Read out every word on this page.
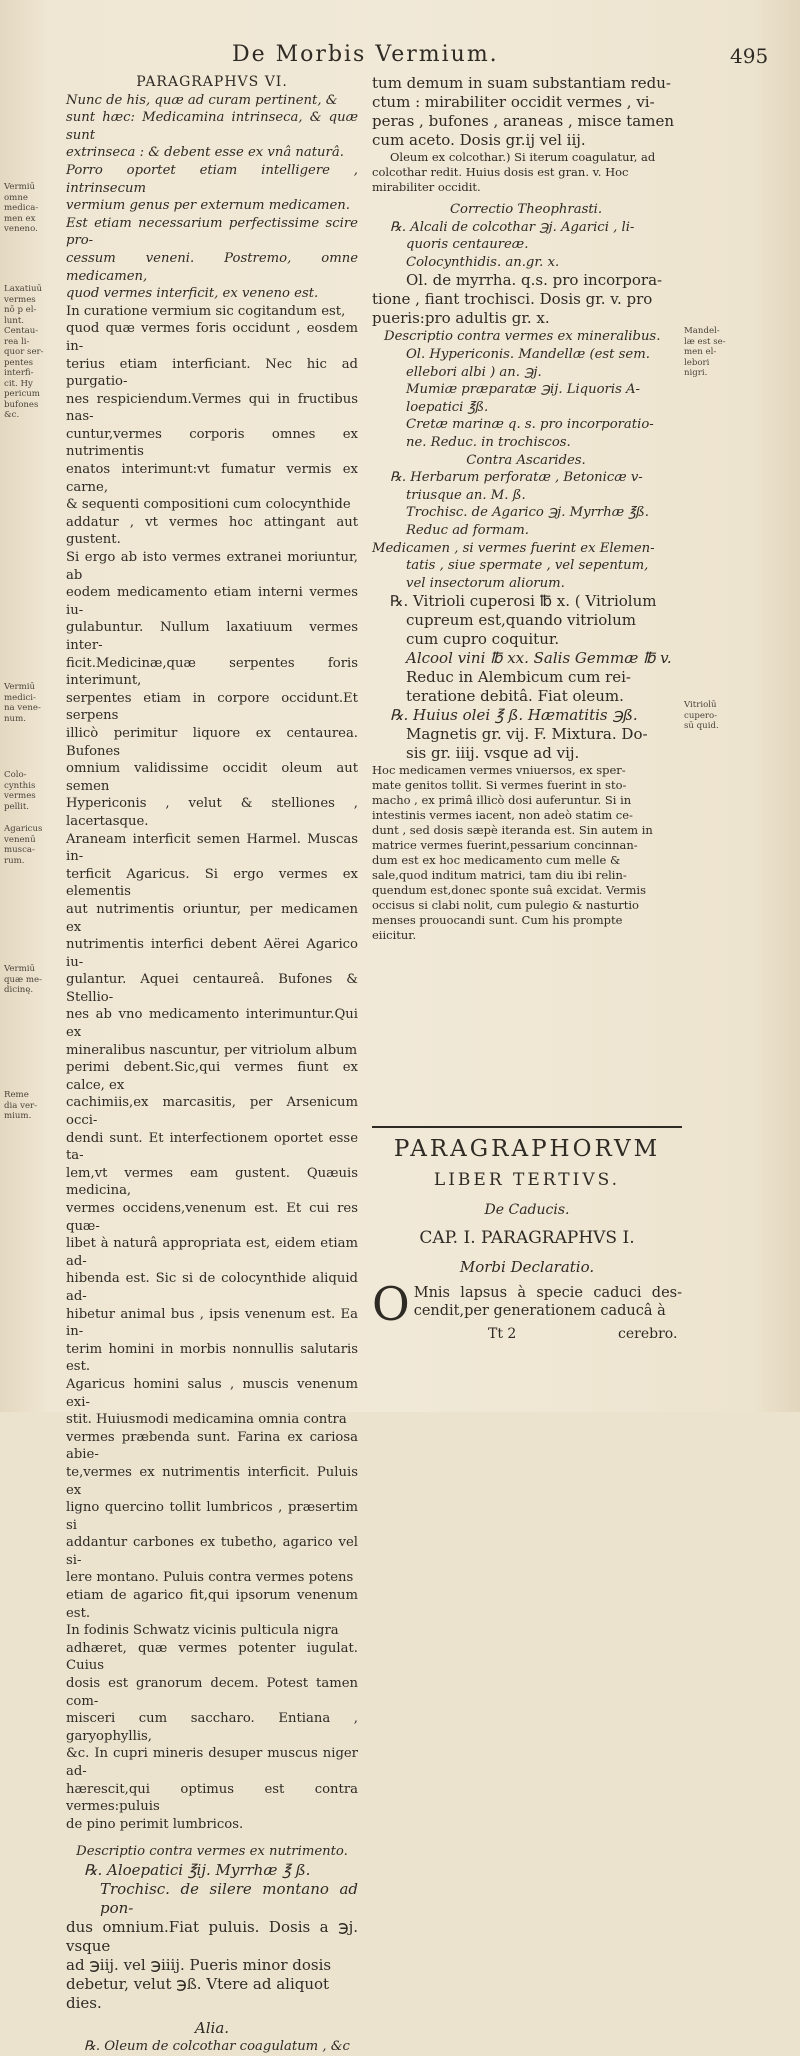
De Morbis Vermium.	495

PARAGRAPHVS VI.

Nunc de his, quæ ad curam pertinent, &

sunt hæc: Medicamina intrinseca, & quæ sunt

extrinseca : & debent esse ex vnâ naturâ.

Porro oportet etiam intelligere , intrinsecum

vermium genus per externum medicamen.

Est etiam necessarium perfectissime scire pro-

cessum veneni. Postremo, omne medicamen,

quod vermes interficit, ex veneno est.

In curatione vermium sic cogitandum est,

quod quæ vermes foris occidunt , eosdem in-

terius etiam interficiant. Nec hic ad purgatio-

nes respiciendum.Vermes qui in fructibus nas-

cuntur,vermes corporis omnes ex nutrimentis

enatos interimunt:vt fumatur vermis ex carne,

& sequenti compositioni cum colocynthide

addatur , vt vermes hoc attingant aut gustent.

Si ergo ab isto vermes extranei moriuntur, ab

eodem medicamento etiam interni vermes iu-

gulabuntur. Nullum laxatiuum vermes inter-

ficit.Medicinæ,quæ serpentes foris interimunt,

serpentes etiam in corpore occidunt.Et serpens

illicò perimitur liquore ex centaurea. Bufones

omnium validissime occidit oleum aut semen

Hypericonis , velut & stelliones , lacertasque.

Araneam interficit semen Harmel. Muscas in-

terficit Agaricus. Si ergo vermes ex elementis

aut nutrimentis oriuntur, per medicamen ex

nutrimentis interfici debent Aërei Agarico iu-

gulantur. Aquei centaureâ. Bufones & Stellio-

nes ab vno medicamento interimuntur.Qui ex

mineralibus nascuntur, per vitriolum album

perimi debent.Sic,qui vermes fiunt ex calce, ex

cachimiis,ex marcasitis, per Arsenicum occi-

dendi sunt. Et interfectionem oportet esse ta-

lem,vt vermes eam gustent. Quæuis medicina,

vermes occidens,venenum est. Et cui res quæ-

libet à naturâ appropriata est, eidem etiam ad-

hibenda est. Sic si de colocynthide aliquid ad-

hibetur animal bus , ipsis venenum est. Ea in-

terim homini in morbis nonnullis salutaris est.

Agaricus homini salus , muscis venenum exi-

stit. Huiusmodi medicamina omnia contra

vermes præbenda sunt. Farina ex cariosa abie-

te,vermes ex nutrimentis interficit. Puluis ex

ligno quercino tollit lumbricos , præsertim si

addantur carbones ex tubetho, agarico vel si-

lere montano. Puluis contra vermes potens

etiam de agarico fit,qui ipsorum venenum est.

In fodinis Schwatz vicinis pulticula nigra

adhæret, quæ vermes potenter iugulat. Cuius

dosis est granorum decem. Potest tamen com-

misceri cum saccharo. Entiana , garyophyllis,

&c. In cupri mineris desuper muscus niger ad-

hærescit,qui optimus est contra vermes:puluis

de pino perimit lumbricos.

Descriptio contra vermes ex nutrimento.

℞. Aloepatici ℥ij. Myrrhæ ℥ ß.

Trochisc. de silere montano ad pon-

dus omnium.Fiat puluis. Dosis a ℈j. vsque

ad ℈iij. vel ℈iiij. Pueris minor dosis

debetur, velut ℈ß. Vtere ad aliquot

dies.

Alia.

℞. Oleum de colcothar coagulatum , &c

tum demum in suam substantiam redu-

ctum : mirabiliter occidit vermes , vi-

peras , bufones , araneas , misce tamen

cum aceto. Dosis gr.ij vel iij.

Oleum ex colcothar.) Si iterum coagulatur, ad

colcothar redit. Huius dosis est gran. v. Hoc

mirabiliter occidit.

Correctio Theophrasti.

℞. Alcali de colcothar ℈j. Agarici , li-

quoris centaureæ.

Colocynthidis. an.gr. x.

Ol. de myrrha. q.s. pro incorpora-

tione , fiant trochisci. Dosis gr. v. pro

pueris:pro adultis gr. x.

Descriptio contra vermes ex mineralibus.

Ol. Hypericonis. Mandellæ (est sem.

ellebori albi ) an. ℈j.

Mumiæ præparatæ ℈ij. Liquoris A-

loepatici ℥ß.

Cretæ marinæ q. s. pro incorporatio-

ne. Reduc. in trochiscos.

Contra Ascarides.

℞. Herbarum perforatæ , Betonicæ v-

triusque an. M. ß.

Trochisc. de Agarico ℈j. Myrrhæ ℥ß.

Reduc ad formam.

Medicamen , si vermes fuerint ex Elemen-

tatis , siue spermate , vel sepentum,

vel insectorum aliorum.

℞. Vitrioli cuperosi ℔ x. ( Vitriolum

cupreum est,quando vitriolum

cum cupro coquitur.

Alcool vini ℔ xx. Salis Gemmæ ℔ v.

Reduc in Alembicum cum rei-

teratione debitâ. Fiat oleum.

℞. Huius olei ℥ ß. Hæmatitis ℈ß.

Magnetis gr. vij. F. Mixtura. Do-

sis gr. iiij. vsque ad vij.

Hoc medicamen vermes vniuersos, ex sper-

mate genitos tollit. Si vermes fuerint in sto-

macho , ex primâ illicò dosi auferuntur. Si in

intestinis vermes iacent, non adeò statim ce-

dunt , sed dosis sæpè iteranda est. Sin autem in

matrice vermes fuerint,pessarium concinnan-

dum est ex hoc medicamento cum melle &

sale,quod inditum matrici, tam diu ibi relin-

quendum est,donec sponte suâ excidat. Vermis

occisus si clabi nolit, cum pulegio & nasturtio

menses prouocandi sunt. Cum his prompte

eiicitur.

PARAGRAPHORVM
LIBER TERTIVS.
De Caducis.
CAP. I. PARAGRAPHVS I.
Morbi Declaratio.
O Mnis lapsus à specie caduci des- cendit,per generationem caducâ à
Tt 2	cerebro.
Vermiū
omne
medica-
men ex
veneno.
Laxatiuū
vermes
nō p el-
lunt.
Centau-
rea li-
quor ser-
pentes
interfi-
cit. Hy
pericum
bufones
&c.
Vermiū
medici-
na vene-
num.
Colo-
cynthis
vermes
pellit.
Agaricus
venenū
musca-
rum.
Vermiū
quæ me-
dicinę.
Reme
dia ver-
mium.
Mandel-
læ est se-
men el-
lebori
nigri.
Vitriolū
cupero-
sū quid.
